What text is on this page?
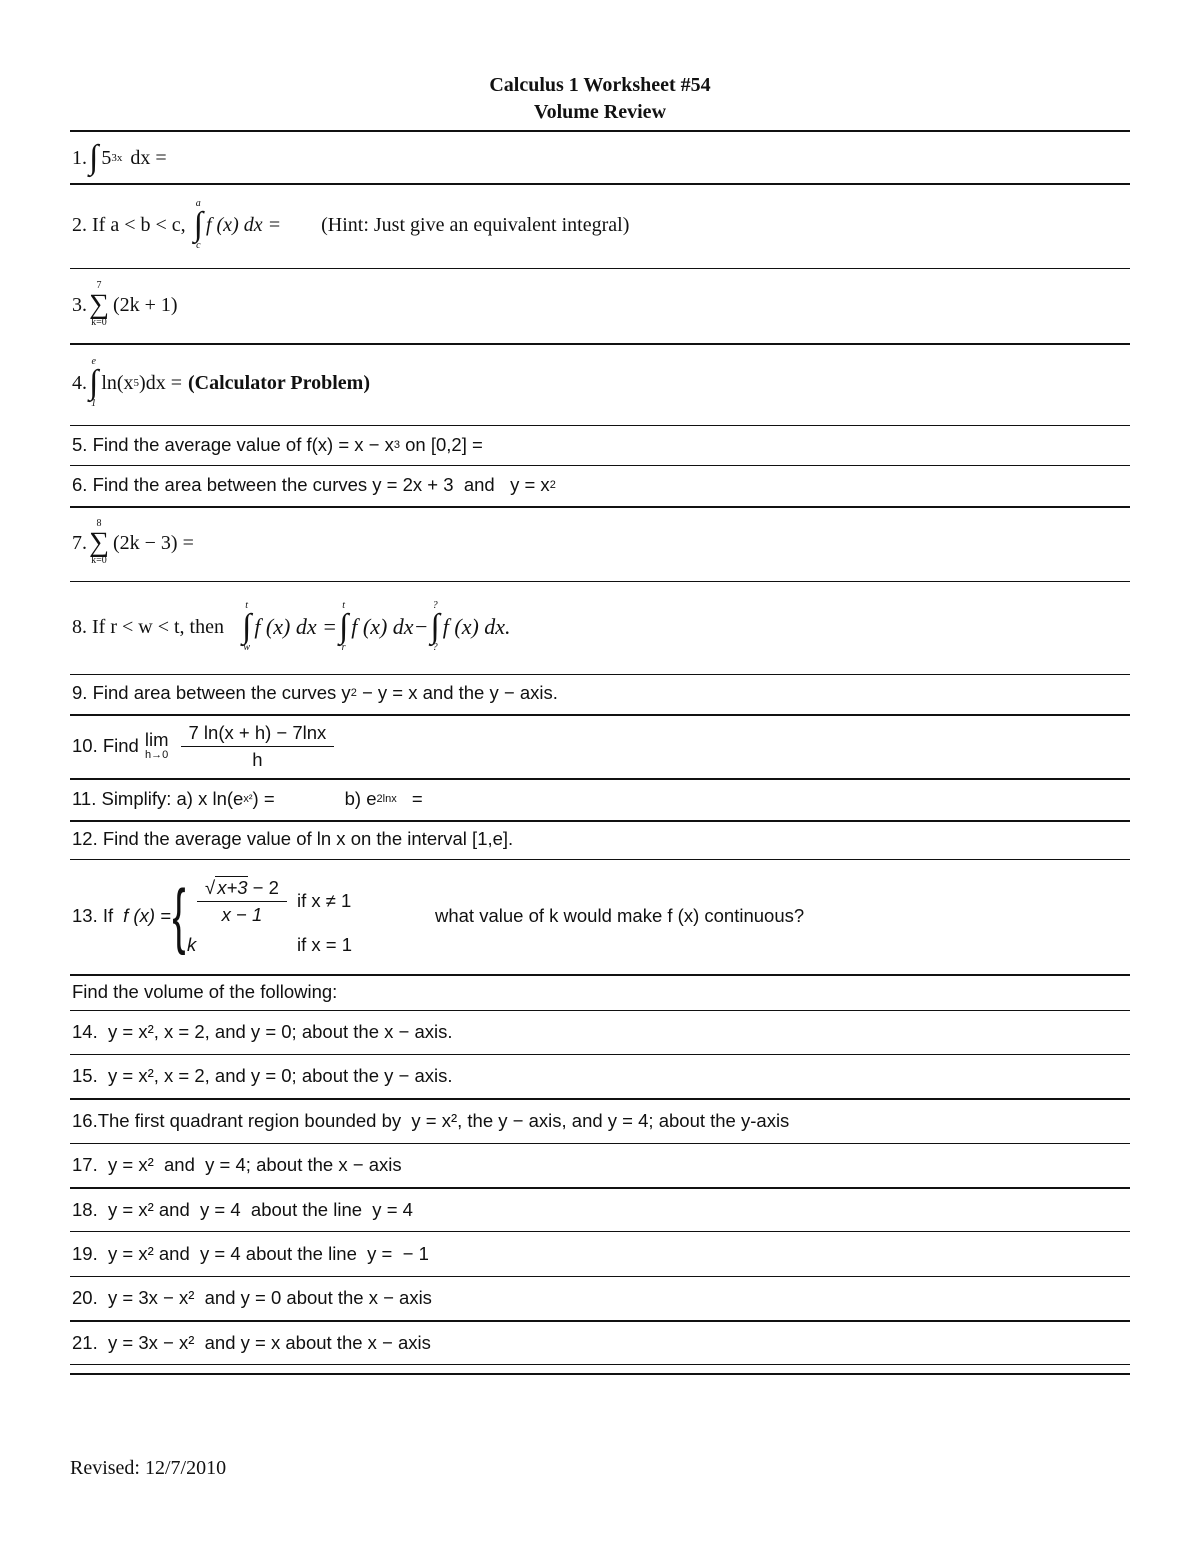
Calculus 1 Worksheet #54
Volume Review
1. ∫ 5 3x dx =
2. If a < b < c,
a
∫
c
f (x) dx = (Hint: Just give an equivalent integral)
3.
7
∑
k=0
(2k + 1)
4.
e
∫
1
ln(x 5 )dx = (Calculator Problem)
5. Find the average value of f(x) = x − x 3 on [0,2] =
6. Find the area between the curves y = 2x + 3  and   y = x 2
7.
8
∑
k=0
(2k − 3) =
8. If r < w < t, then
t
∫
w
f (x) dx =
t
∫
r
f (x) dx−
?
∫
?
f (x) dx.
9. Find area between the curves y 2 − y = x and the y − axis.
10. Find lim
$h\to 0 \frac{7 \ln(x + h) - 7\ln x}{h}$
11. Simplify: a) x ln(e x² ) =	b) e 2lnx =
12. Find the average value of ln x on the interval [1,e].
13. If f (x) = { $\frac{√ x+3 - 2}{x - 1}$ if x ≠ 1
k	if x = 1
what value of k would make f (x) continuous?
Find the volume of the following:
14.  y = x², x = 2, and y = 0; about the x − axis.
15.  y = x², x = 2, and y = 0; about the y − axis.
16.The first quadrant region bounded by  y = x², the y − axis, and y = 4; about the y-axis
17.  y = x²  and  y = 4; about the x − axis
18.  y = x² and  y = 4  about the line  y = 4
19.  y = x² and  y = 4 about the line  y =  − 1
20.  y = 3x − x²  and y = 0 about the x − axis
21.  y = 3x − x²  and y = x about the x − axis
Revised: 12/7/2010
